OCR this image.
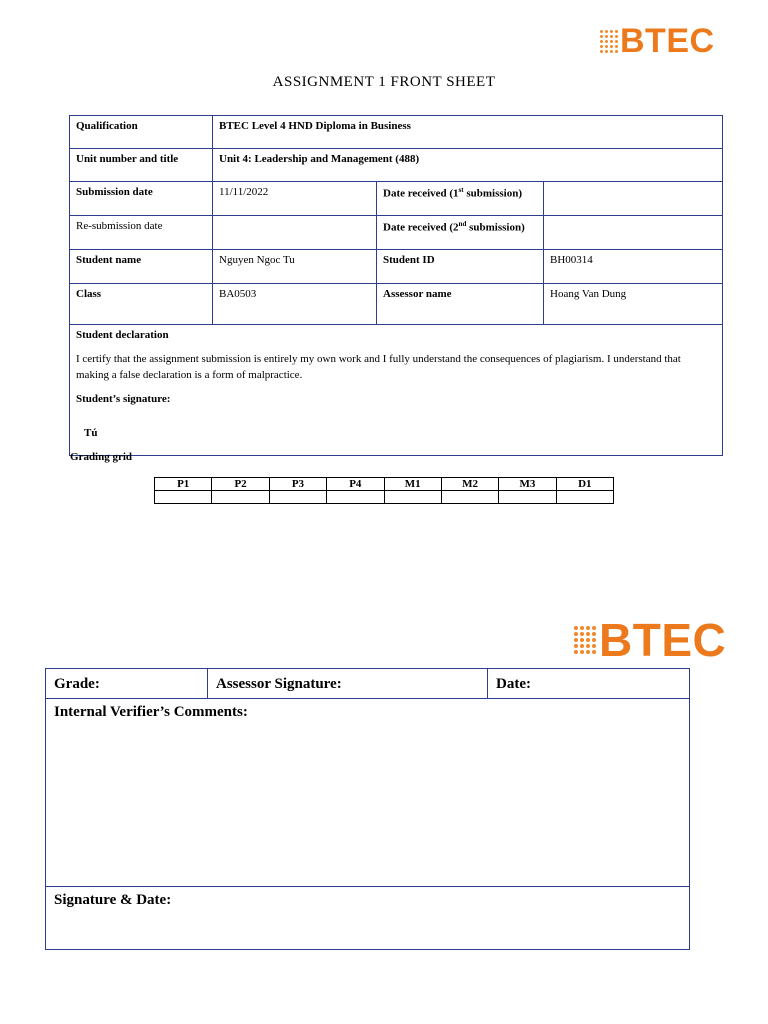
BTEC
ASSIGNMENT 1 FRONT SHEET
Qualification	BTEC Level 4 HND Diploma in Business		
Unit number and title	Unit 4: Leadership and Management (488)		
Submission date	11/11/2022	Date received (1st submission)	
Re-submission date		Date received (2nd submission)	
Student name	Nguyen Ngoc Tu	Student ID	BH00314
Class	BA0503	Assessor name	Hoang Van Dung

Student declaration

I certify that the assignment submission is entirely my own work and I fully understand the consequences of plagiarism. I understand that making a false declaration is a form of malpractice.

Student’s signature:

Tú			

Grading grid
P1	P2	P3	P4	M1	M2	M3	D1

BTEC
Grade:	Assessor Signature:	Date:
Internal Verifier’s Comments:
Signature & Date:
